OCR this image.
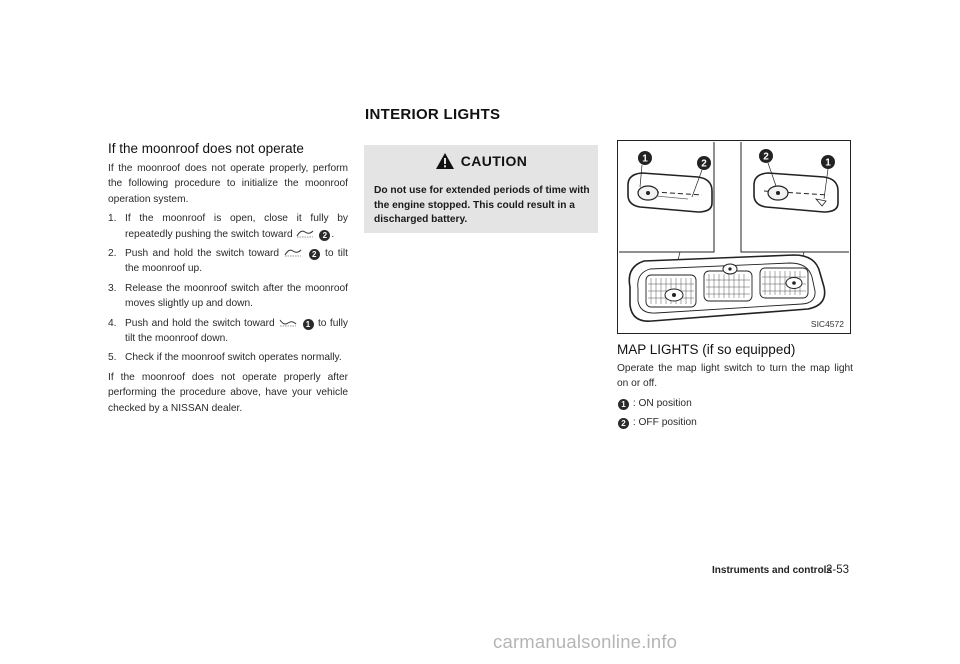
INTERIOR LIGHTS

If the moonroof does not operate

If the moonroof does not operate properly, perform the following procedure to initialize the moonroof operation system.

1. If the moonroof is open, close it fully by repeatedly pushing the switch toward	2 .
2. Push and hold the switch toward	2 to tilt the moonroof up.
3. Release the moonroof switch after the moonroof moves slightly up and down.
4. Push and hold the switch toward	1 to fully tilt the moonroof down.
5. Check if the moonroof switch operates normally.

If the moonroof does not operate properly after performing the procedure above, have your vehicle checked by a NISSAN dealer.

CAUTION
Do not use for extended periods of time with the engine stopped. This could result in a discharged battery.
1	2
2
1
SIC4572

MAP LIGHTS (if so equipped)

Operate the map light switch to turn the map light on or off.

1 : ON position

2 : OFF position

Instruments and controls
2-53
carmanualsonline.info
